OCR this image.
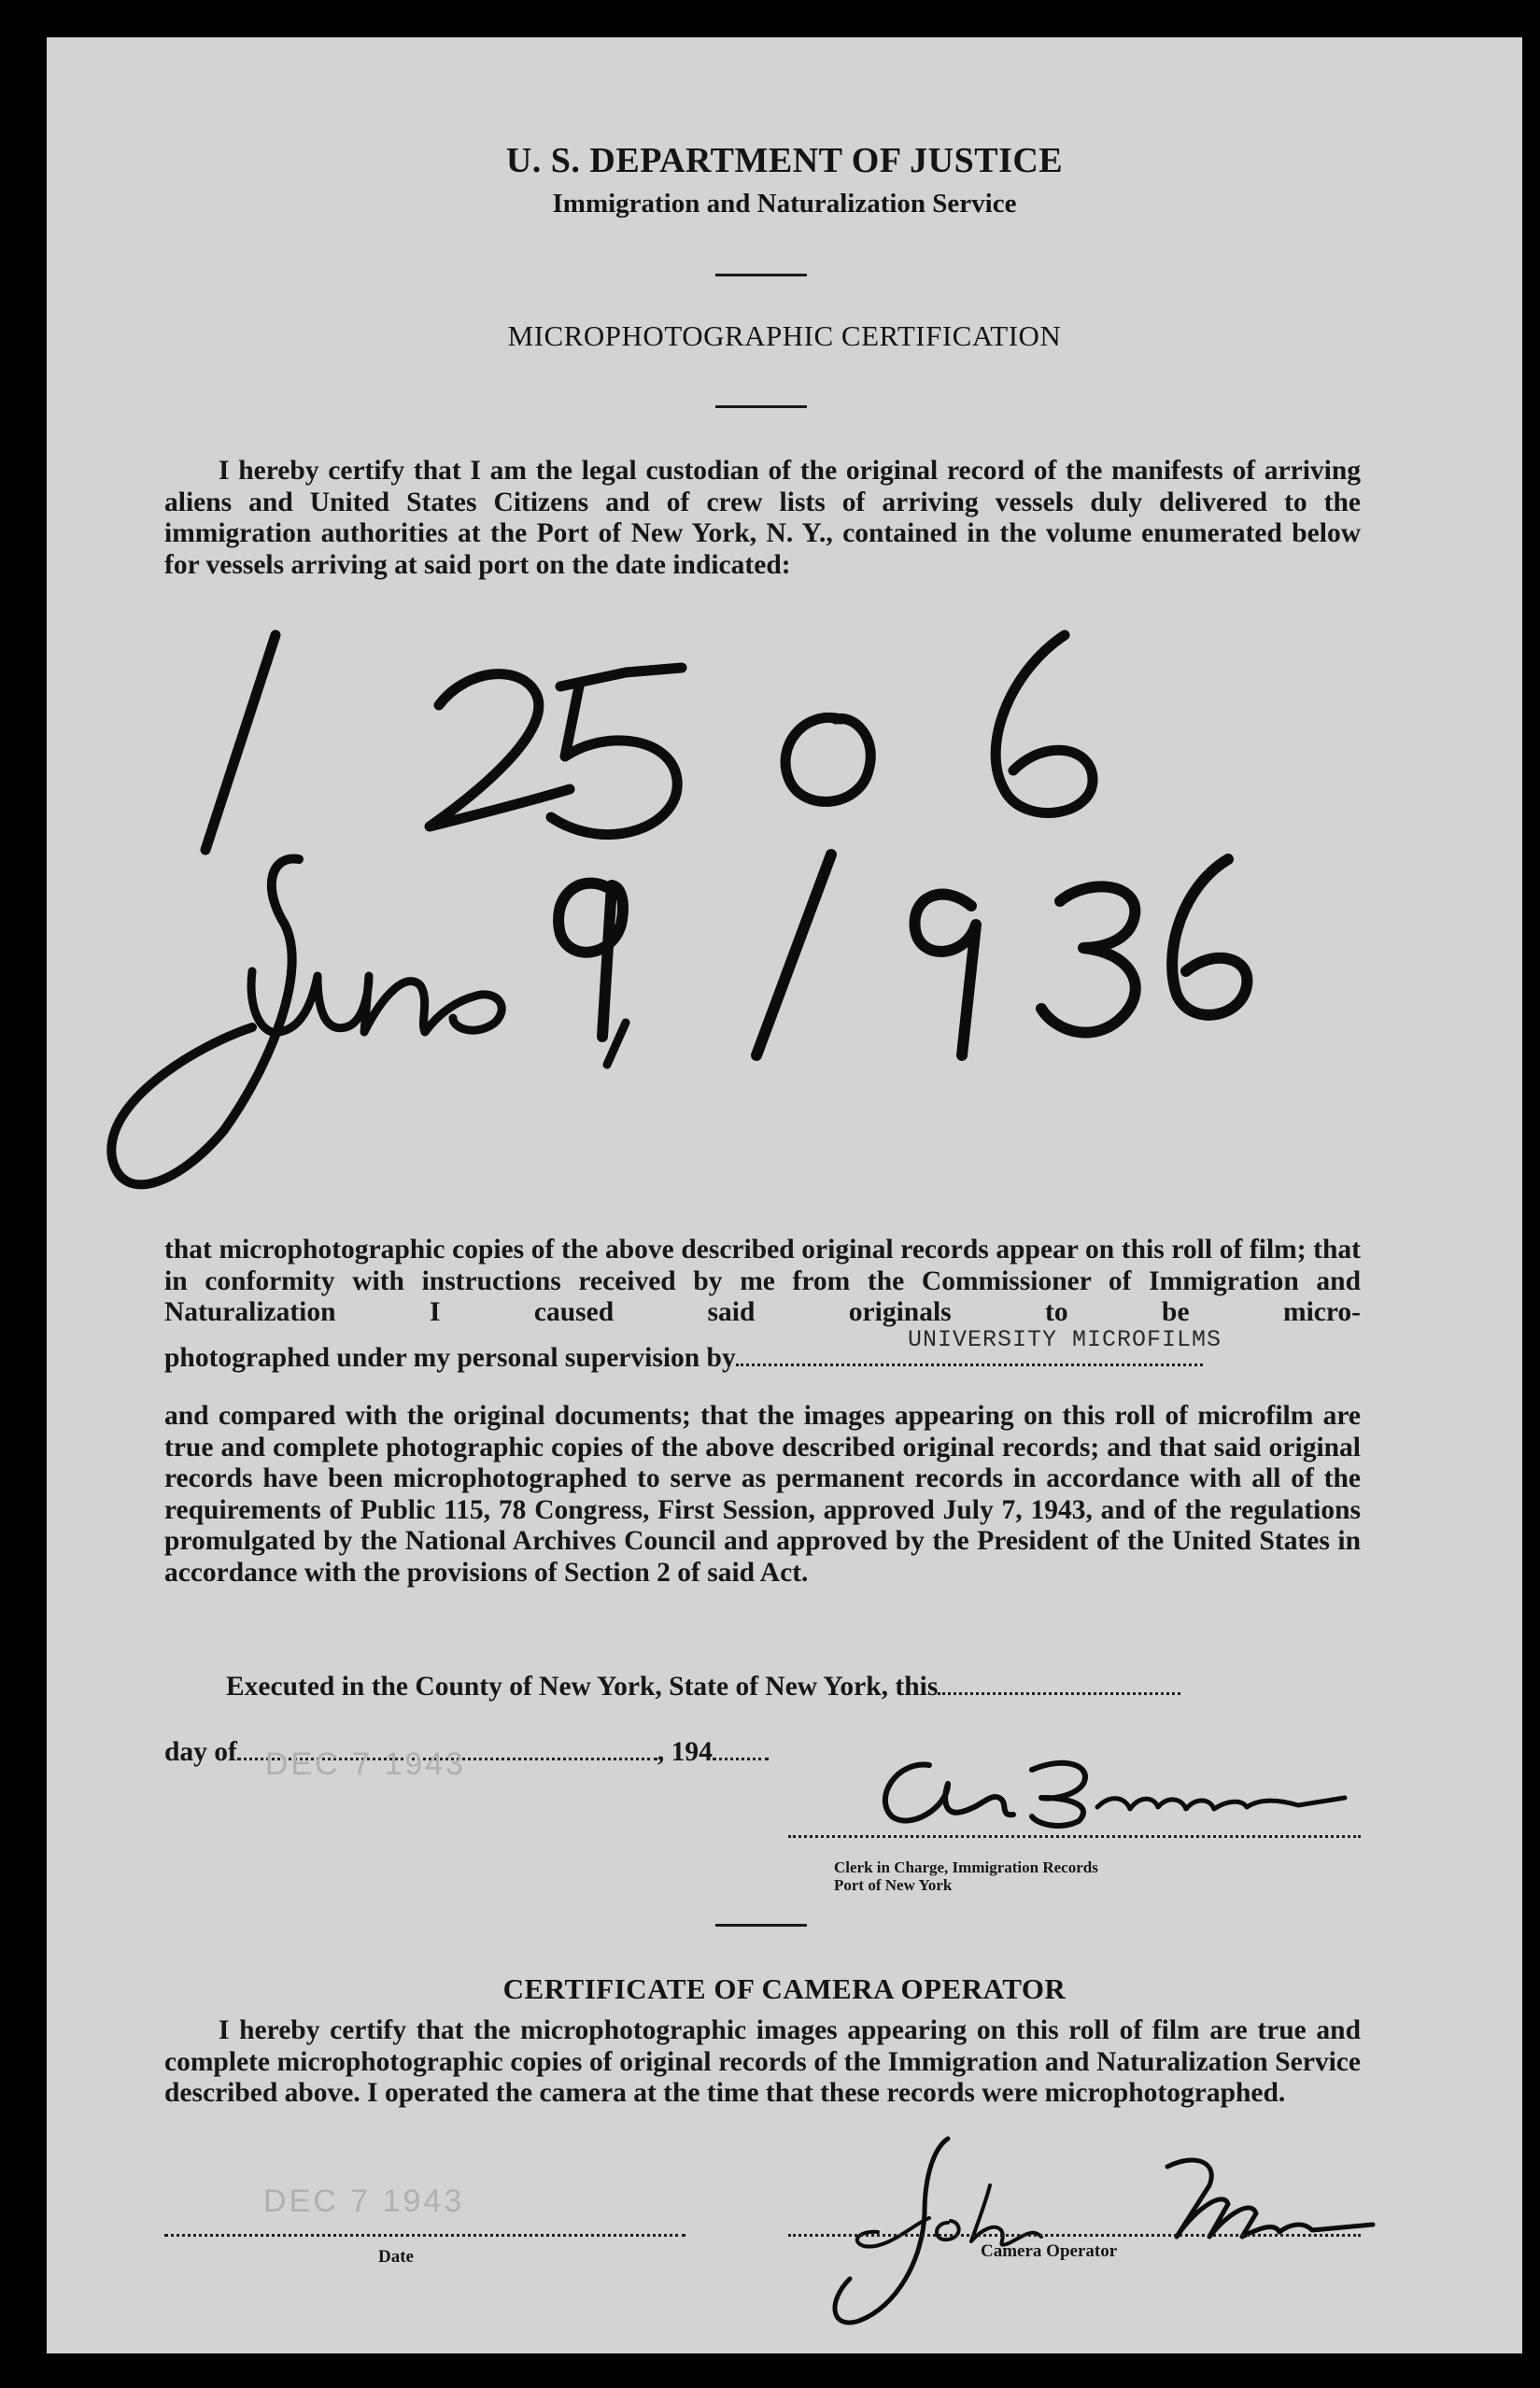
U. S. DEPARTMENT OF JUSTICE
Immigration and Naturalization Service
MICROPHOTOGRAPHIC CERTIFICATION

I hereby certify that I am the legal custodian of the original record of the manifests of arriving aliens and United States Citizens and of crew lists of arriving vessels duly delivered to the immigration authorities at the Port of New York, N. Y., contained in the volume enumerated below for vessels arriving at said port on the date indicated:

that microphotographic copies of the above described original records appear on this roll of film; that in conformity with instructions received by me from the Commissioner of Immigration and Naturalization I caused said originals to be micro-

photographed under my personal supervision by
UNIVERSITY MICROFILMS

and compared with the original documents; that the images appearing on this roll of microfilm are true and complete photographic copies of the above described original records; and that said original records have been microphotographed to serve as permanent records in accordance with all of the requirements of Public 115, 78 Congress, First Session, approved July 7, 1943, and of the regulations promulgated by the National Archives Council and approved by the President of the United States in accordance with the provisions of Section 2 of said Act.

Executed in the County of New York, State of New York, this
day of DEC 7 1943	, 194
Clerk in Charge, Immigration Records
Port of New York
CERTIFICATE OF CAMERA OPERATOR

I hereby certify that the microphotographic images appearing on this roll of film are true and complete microphotographic copies of original records of the Immigration and Naturalization Service described above. I operated the camera at the time that these records were microphotographed.

DEC 7 1943
Date	Camera Operator
